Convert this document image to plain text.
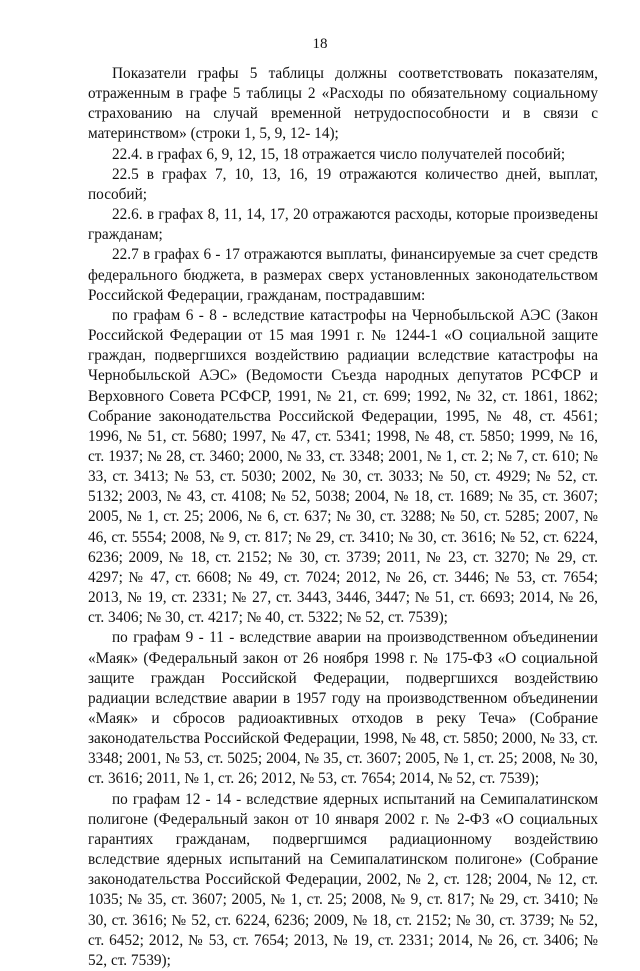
18

Показатели графы 5 таблицы должны соответствовать показателям, отраженным в графе 5 таблицы 2 «Расходы по обязательному социальному страхованию на случай временной нетрудоспособности и в связи с материнством» (строки 1, 5, 9, 12- 14);

22.4. в графах 6, 9, 12, 15, 18 отражается число получателей пособий;

22.5 в графах 7, 10, 13, 16, 19 отражаются количество дней, выплат, пособий;

22.6. в графах 8, 11, 14, 17, 20 отражаются расходы, которые произведены гражданам;

22.7 в графах 6 - 17 отражаются выплаты, финансируемые за счет средств федерального бюджета, в размерах сверх установленных законодательством Российской Федерации, гражданам, пострадавшим:

по графам 6 - 8 - вследствие катастрофы на Чернобыльской АЭС (Закон Российской Федерации от 15 мая 1991 г. № 1244-1 «О социальной защите граждан, подвергшихся воздействию радиации вследствие катастрофы на Чернобыльской АЭС» (Ведомости Съезда народных депутатов РСФСР и Верховного Совета РСФСР, 1991, № 21, ст. 699; 1992, № 32, ст. 1861, 1862; Собрание законодательства Российской Федерации, 1995, № 48, ст. 4561; 1996, № 51, ст. 5680; 1997, № 47, ст. 5341; 1998, № 48, ст. 5850; 1999, № 16, ст. 1937; № 28, ст. 3460; 2000, № 33, ст. 3348; 2001, № 1, ст. 2; № 7, ст. 610; № 33, ст. 3413; № 53, ст. 5030; 2002, № 30, ст. 3033; № 50, ст. 4929; № 52, ст. 5132; 2003, № 43, ст. 4108; № 52, 5038; 2004, № 18, ст. 1689; № 35, ст. 3607; 2005, № 1, ст. 25; 2006, № 6, ст. 637; № 30, ст. 3288; № 50, ст. 5285; 2007, № 46, ст. 5554; 2008, № 9, ст. 817; № 29, ст. 3410; № 30, ст. 3616; № 52, ст. 6224, 6236; 2009, № 18, ст. 2152; № 30, ст. 3739; 2011, № 23, ст. 3270; № 29, ст. 4297; № 47, ст. 6608; № 49, ст. 7024; 2012, № 26, ст. 3446; № 53, ст. 7654; 2013, № 19, ст. 2331; № 27, ст. 3443, 3446, 3447; № 51, ст. 6693; 2014, № 26, ст. 3406; № 30, ст. 4217; № 40, ст. 5322; № 52, ст. 7539);

по графам 9 - 11 - вследствие аварии на производственном объединении «Маяк» (Федеральный закон от 26 ноября 1998 г. № 175-ФЗ «О социальной защите граждан Российской Федерации, подвергшихся воздействию радиации вследствие аварии в 1957 году на производственном объединении «Маяк» и сбросов радиоактивных отходов в реку Теча» (Собрание законодательства Российской Федерации, 1998, № 48, ст. 5850; 2000, № 33, ст. 3348; 2001, № 53, ст. 5025; 2004, № 35, ст. 3607; 2005, № 1, ст. 25; 2008, № 30, ст. 3616; 2011, № 1, ст. 26; 2012, № 53, ст. 7654; 2014, № 52, ст. 7539);

по графам 12 - 14 - вследствие ядерных испытаний на Семипалатинском полигоне (Федеральный закон от 10 января 2002 г. № 2-ФЗ «О социальных гарантиях гражданам, подвергшимся радиационному воздействию вследствие ядерных испытаний на Семипалатинском полигоне» (Собрание законодательства Российской Федерации, 2002, № 2, ст. 128; 2004, № 12, ст. 1035; № 35, ст. 3607; 2005, № 1, ст. 25; 2008, № 9, ст. 817; № 29, ст. 3410; № 30, ст. 3616; № 52, ст. 6224, 6236; 2009, № 18, ст. 2152; № 30, ст. 3739; № 52, ст. 6452; 2012, № 53, ст. 7654; 2013, № 19, ст. 2331; 2014, № 26, ст. 3406; № 52, ст. 7539);
